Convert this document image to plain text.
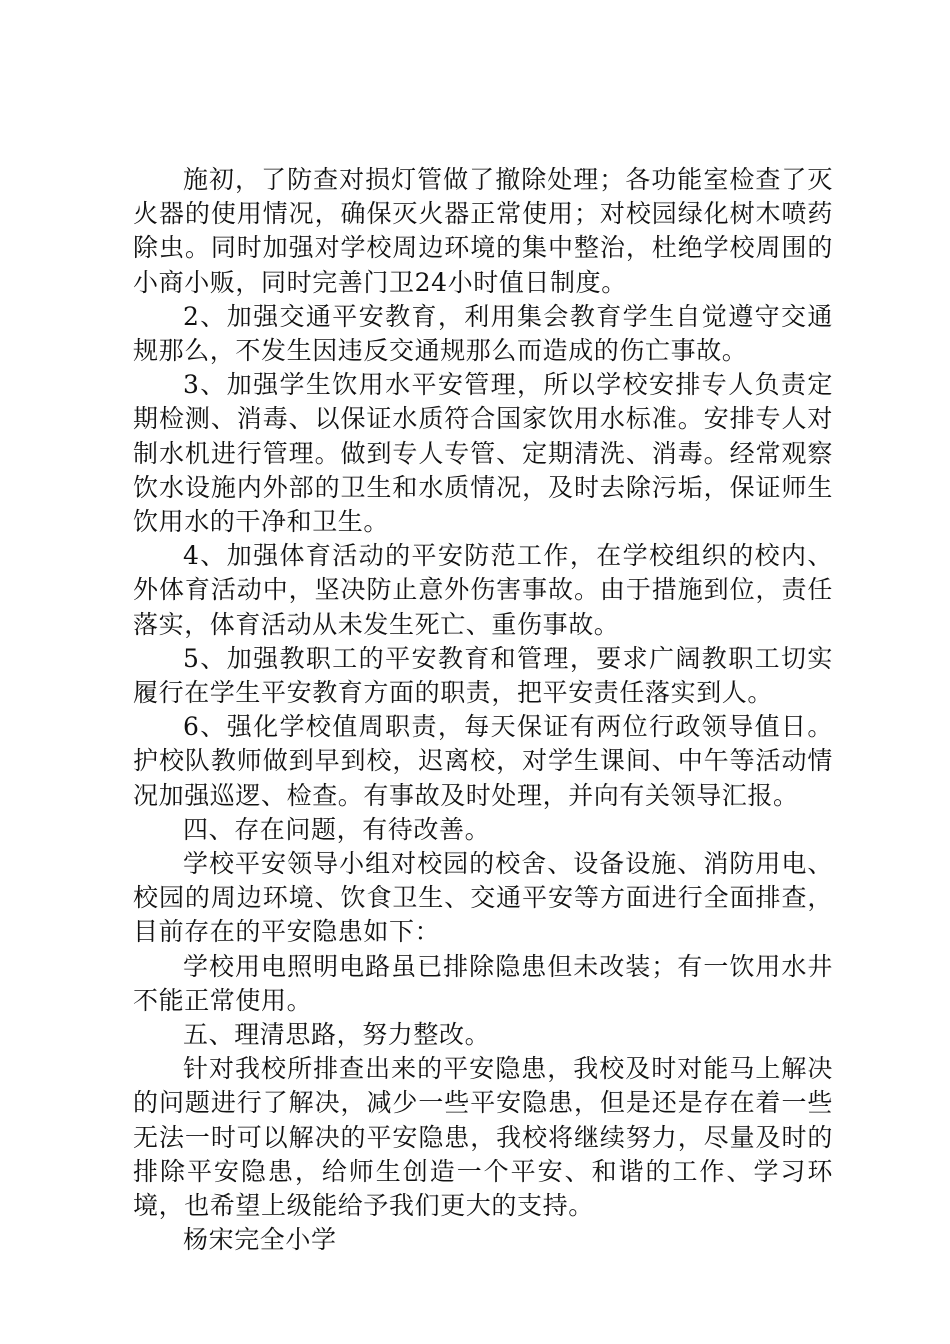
施初，了防查对损灯管做了撤除处理；各功能室检查了灭火器的使用情况，确保灭火器正常使用；对校园绿化树木喷药除虫。同时加强对学校周边环境的集中整治，杜绝学校周围的小商小贩，同时完善门卫24小时值日制度。

2、加强交通平安教育，利用集会教育学生自觉遵守交通规那么，不发生因违反交通规那么而造成的伤亡事故。

3、加强学生饮用水平安管理，所以学校安排专人负责定期检测、消毒、以保证水质符合国家饮用水标准。安排专人对制水机进行管理。做到专人专管、定期清洗、消毒。经常观察饮水设施内外部的卫生和水质情况，及时去除污垢，保证师生饮用水的干净和卫生。

4、加强体育活动的平安防范工作，在学校组织的校内、外体育活动中，坚决防止意外伤害事故。由于措施到位，责任落实，体育活动从未发生死亡、重伤事故。

5、加强教职工的平安教育和管理，要求广阔教职工切实履行在学生平安教育方面的职责，把平安责任落实到人。

6、强化学校值周职责，每天保证有两位行政领导值日。护校队教师做到早到校，迟离校，对学生课间、中午等活动情况加强巡逻、检查。有事故及时处理，并向有关领导汇报。

四、存在问题，有待改善。

学校平安领导小组对校园的校舍、设备设施、消防用电、校园的周边环境、饮食卫生、交通平安等方面进行全面排查，目前存在的平安隐患如下：

学校用电照明电路虽已排除隐患但未改装；有一饮用水井不能正常使用。

五、理清思路，努力整改。

针对我校所排查出来的平安隐患，我校及时对能马上解决的问题进行了解决，减少一些平安隐患，但是还是存在着一些无法一时可以解决的平安隐患，我校将继续努力，尽量及时的排除平安隐患，给师生创造一个平安、和谐的工作、学习环境，也希望上级能给予我们更大的支持。

杨宋完全小学
